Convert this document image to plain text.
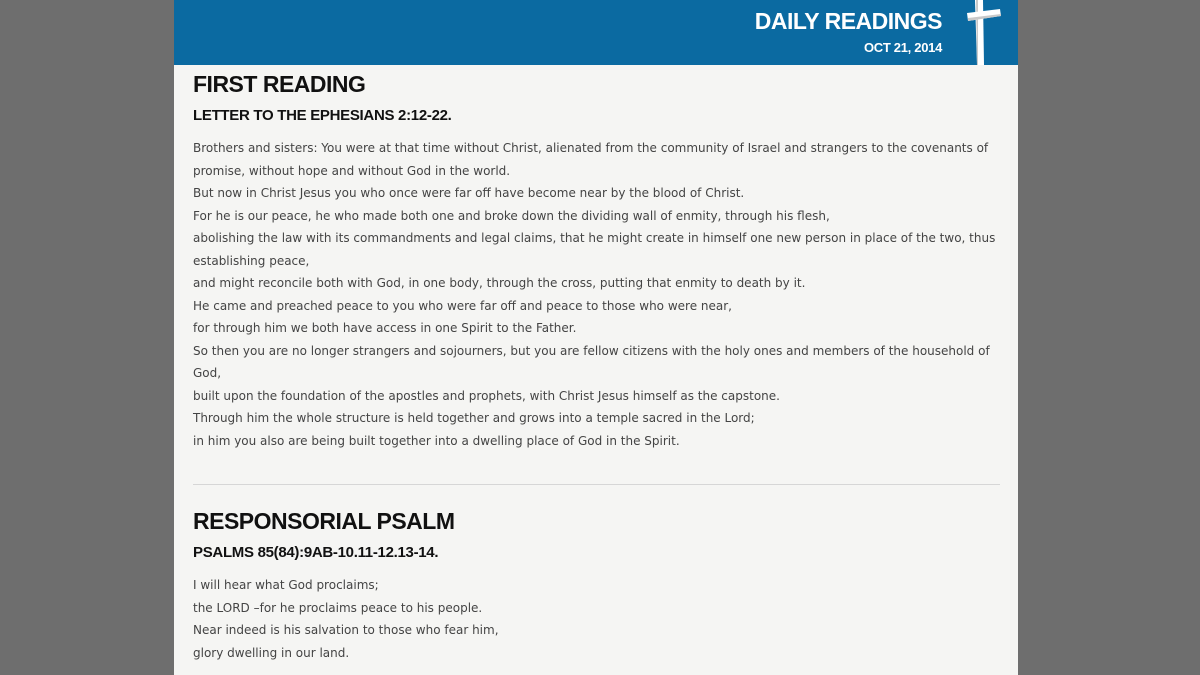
DAILY READINGS
OCT 21, 2014
FIRST READING
LETTER TO THE EPHESIANS 2:12-22.

Brothers and sisters: You were at that time without Christ, alienated from the community of Israel and strangers to the covenants of promise, without hope and without God in the world.

But now in Christ Jesus you who once were far off have become near by the blood of Christ.

For he is our peace, he who made both one and broke down the dividing wall of enmity, through his flesh,

abolishing the law with its commandments and legal claims, that he might create in himself one new person in place of the two, thus establishing peace,

and might reconcile both with God, in one body, through the cross, putting that enmity to death by it.

He came and preached peace to you who were far off and peace to those who were near,

for through him we both have access in one Spirit to the Father.

So then you are no longer strangers and sojourners, but you are fellow citizens with the holy ones and members of the household of God,

built upon the foundation of the apostles and prophets, with Christ Jesus himself as the capstone.

Through him the whole structure is held together and grows into a temple sacred in the Lord;

in him you also are being built together into a dwelling place of God in the Spirit.

RESPONSORIAL PSALM
PSALMS 85(84):9AB-10.11-12.13-14.

I will hear what God proclaims;

the LORD –for he proclaims peace to his people.

Near indeed is his salvation to those who fear him,

glory dwelling in our land.
